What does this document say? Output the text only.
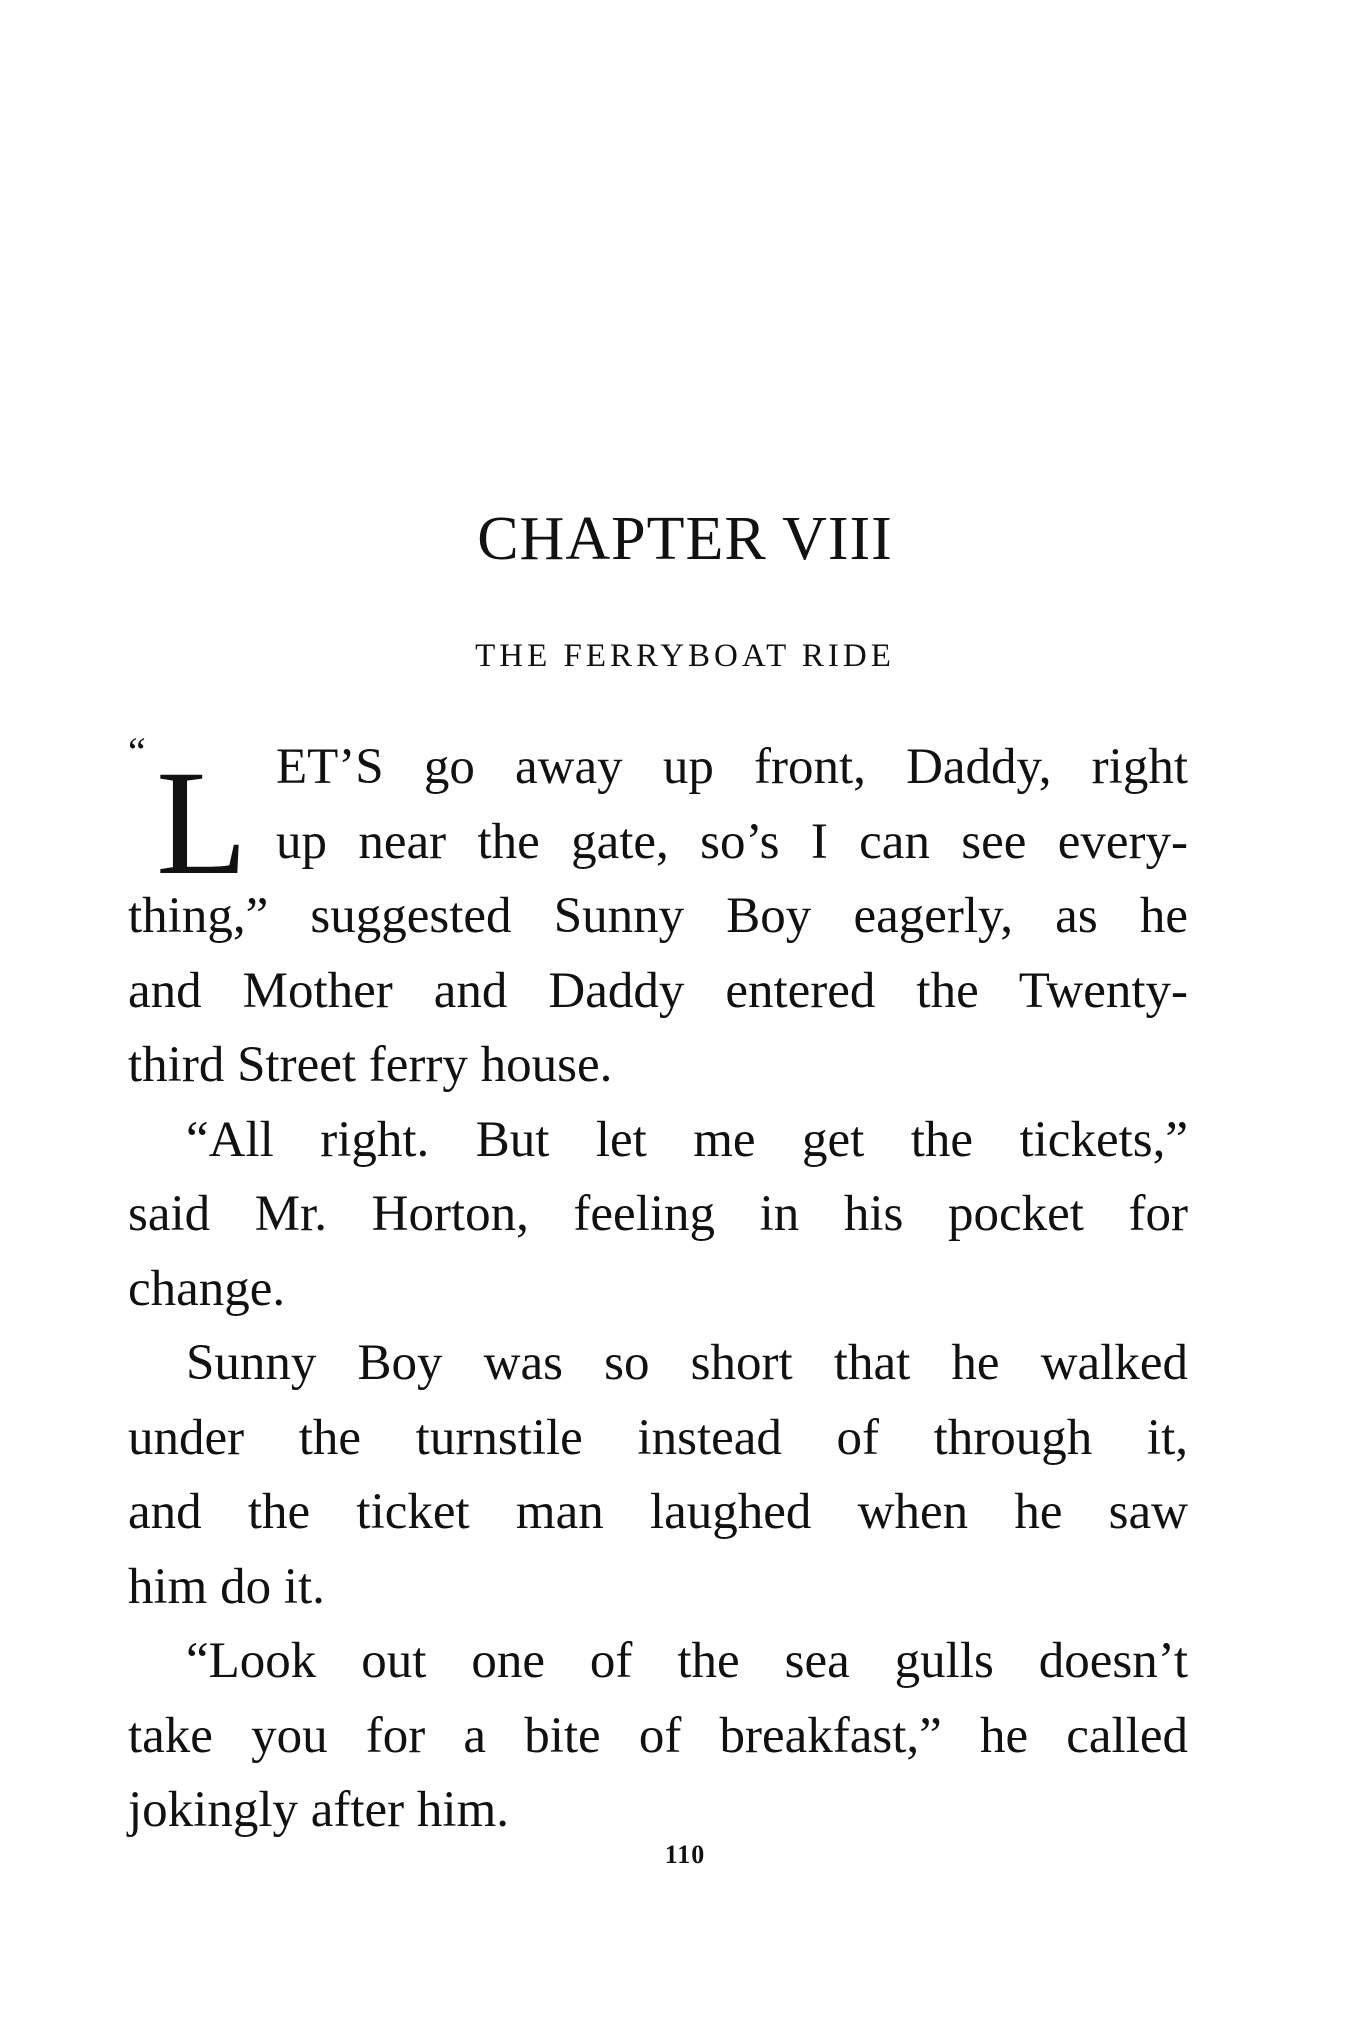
CHAPTER VIII
THE FERRYBOAT RIDE
“ L ET’S go away up front, Daddy, right
up near the gate, so’s I can see every-
thing,” suggested Sunny Boy eagerly, as he
and Mother and Daddy entered the Twenty-
third Street ferry house.
“All right. But let me get the tickets,”
said Mr. Horton, feeling in his pocket for
change.
Sunny Boy was so short that he walked
under the turnstile instead of through it,
and the ticket man laughed when he saw
him do it.
“Look out one of the sea gulls doesn’t
take you for a bite of breakfast,” he called
jokingly after him.
110
